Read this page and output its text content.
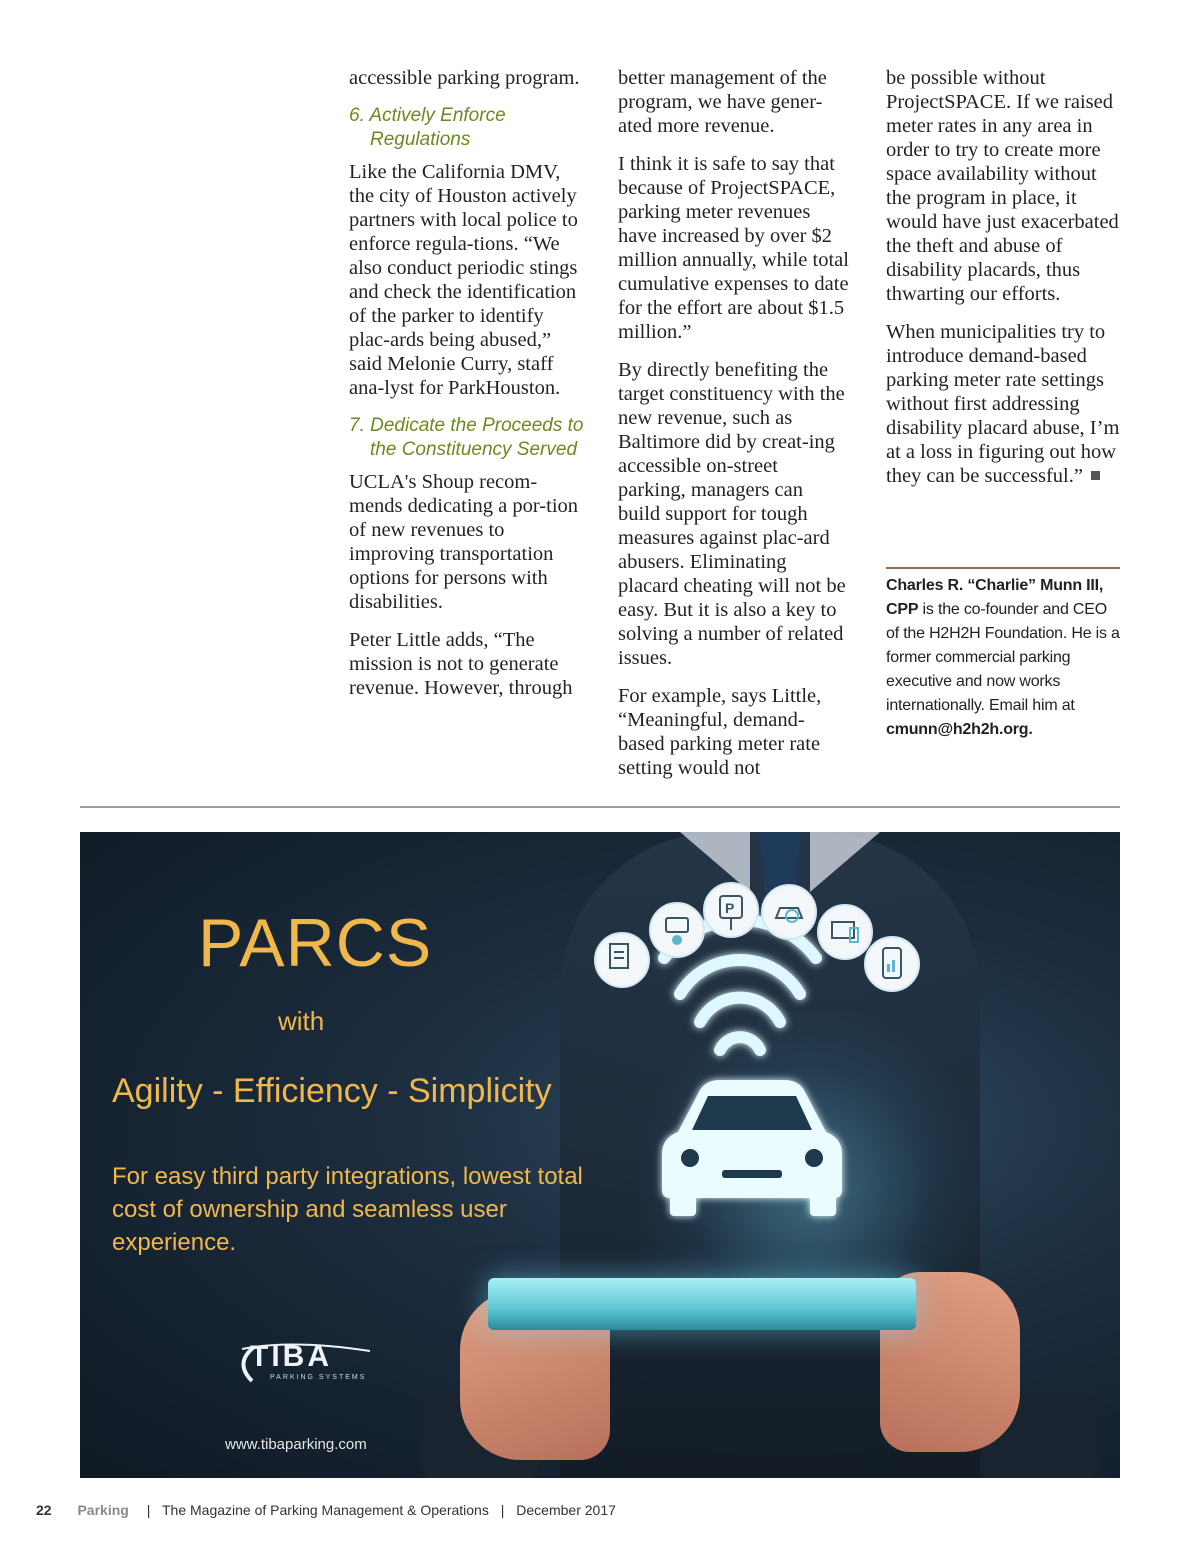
accessible parking program.

6. Actively Enforce Regulations

Like the California DMV, the city of Houston actively partners with local police to enforce regula-tions. “We also conduct periodic stings and check the identification of the parker to identify plac-ards being abused,” said Melonie Curry, staff ana-lyst for ParkHouston.

7. Dedicate the Proceeds to the Constituency Served

UCLA's Shoup recom-mends dedicating a por-tion of new revenues to improving transportation options for persons with disabilities.

Peter Little adds, “The mission is not to generate revenue. However, through

better management of the program, we have gener-ated more revenue.

I think it is safe to say that because of ProjectSPACE, parking meter revenues have increased by over $2 million annually, while total cumulative expenses to date for the effort are about $1.5 million.”

By directly benefiting the target constituency with the new revenue, such as Baltimore did by creat-ing accessible on-street parking, managers can build support for tough measures against plac-ard abusers. Eliminating placard cheating will not be easy. But it is also a key to solving a number of related issues.

For example, says Little, “Meaningful, demand-based parking meter rate setting would not

be possible without ProjectSPACE. If we raised meter rates in any area in order to try to create more space availability without the program in place, it would have just exacerbated the theft and abuse of disability placards, thus thwarting our efforts.

When municipalities try to introduce demand-based parking meter rate settings without first addressing disability placard abuse, I’m at a loss in figuring out how they can be successful.”

Charles R. “Charlie” Munn III, CPP is the co-founder and CEO of the H2H2H Foundation. He is a former commercial parking executive and now works internationally. Email him at cmunn@h2h2h.org.
P
PARCS
with
Agility - Efficiency - Simplicity
For easy third party integrations, lowest total cost of ownership and seamless user experience.
TIBA
PARKING SYSTEMS
www.tibaparking.com
22 Parking | The Magazine of Parking Management & Operations | December 2017
